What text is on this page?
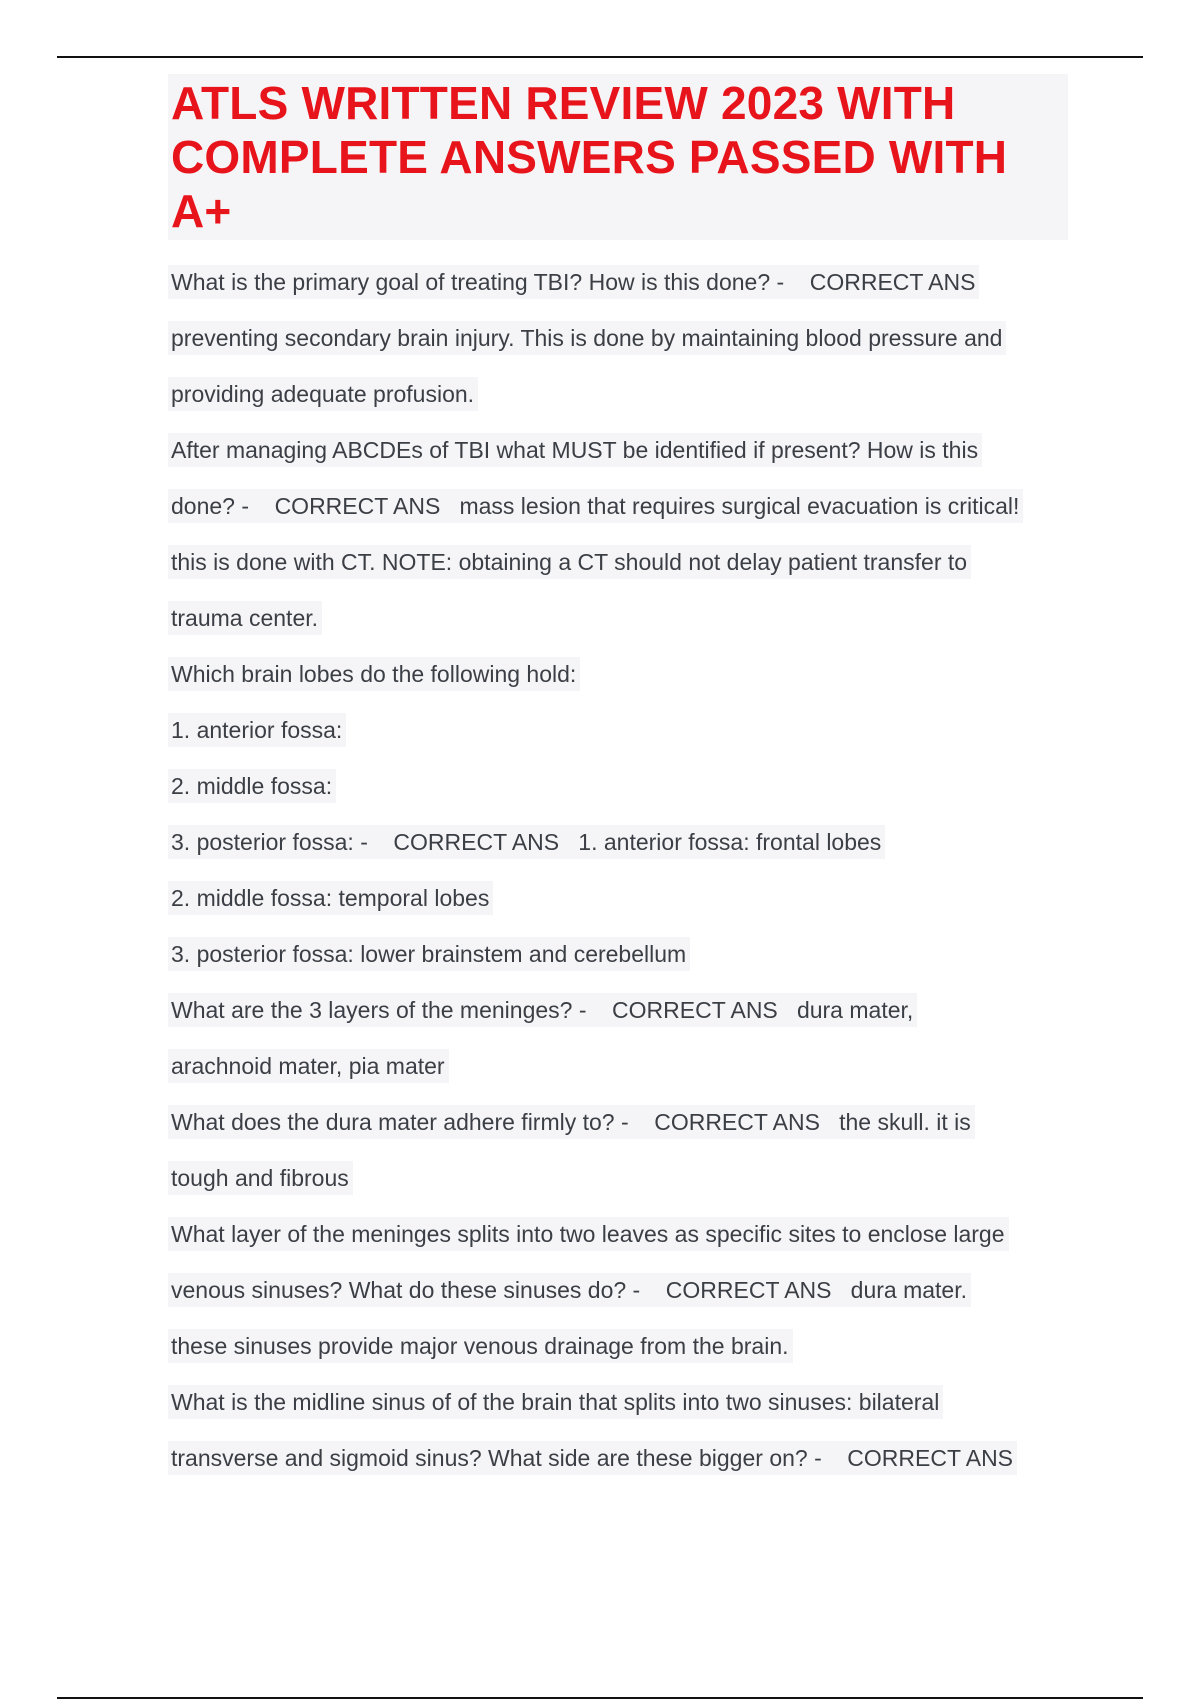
ATLS WRITTEN REVIEW 2023 WITH COMPLETE ANSWERS PASSED WITH A+
What is the primary goal of treating TBI? How is this done? -    CORRECT ANS
preventing secondary brain injury. This is done by maintaining blood pressure and
providing adequate profusion.
After managing ABCDEs of TBI what MUST be identified if present? How is this
done? -    CORRECT ANS   mass lesion that requires surgical evacuation is critical!
this is done with CT. NOTE: obtaining a CT should not delay patient transfer to
trauma center.
Which brain lobes do the following hold:
1. anterior fossa:
2. middle fossa:
3. posterior fossa: -    CORRECT ANS   1. anterior fossa: frontal lobes
2. middle fossa: temporal lobes
3. posterior fossa: lower brainstem and cerebellum
What are the 3 layers of the meninges? -    CORRECT ANS   dura mater,
arachnoid mater, pia mater
What does the dura mater adhere firmly to? -    CORRECT ANS   the skull. it is
tough and fibrous
What layer of the meninges splits into two leaves as specific sites to enclose large
venous sinuses? What do these sinuses do? -    CORRECT ANS   dura mater.
these sinuses provide major venous drainage from the brain.
What is the midline sinus of of the brain that splits into two sinuses: bilateral
transverse and sigmoid sinus? What side are these bigger on? -    CORRECT ANS
